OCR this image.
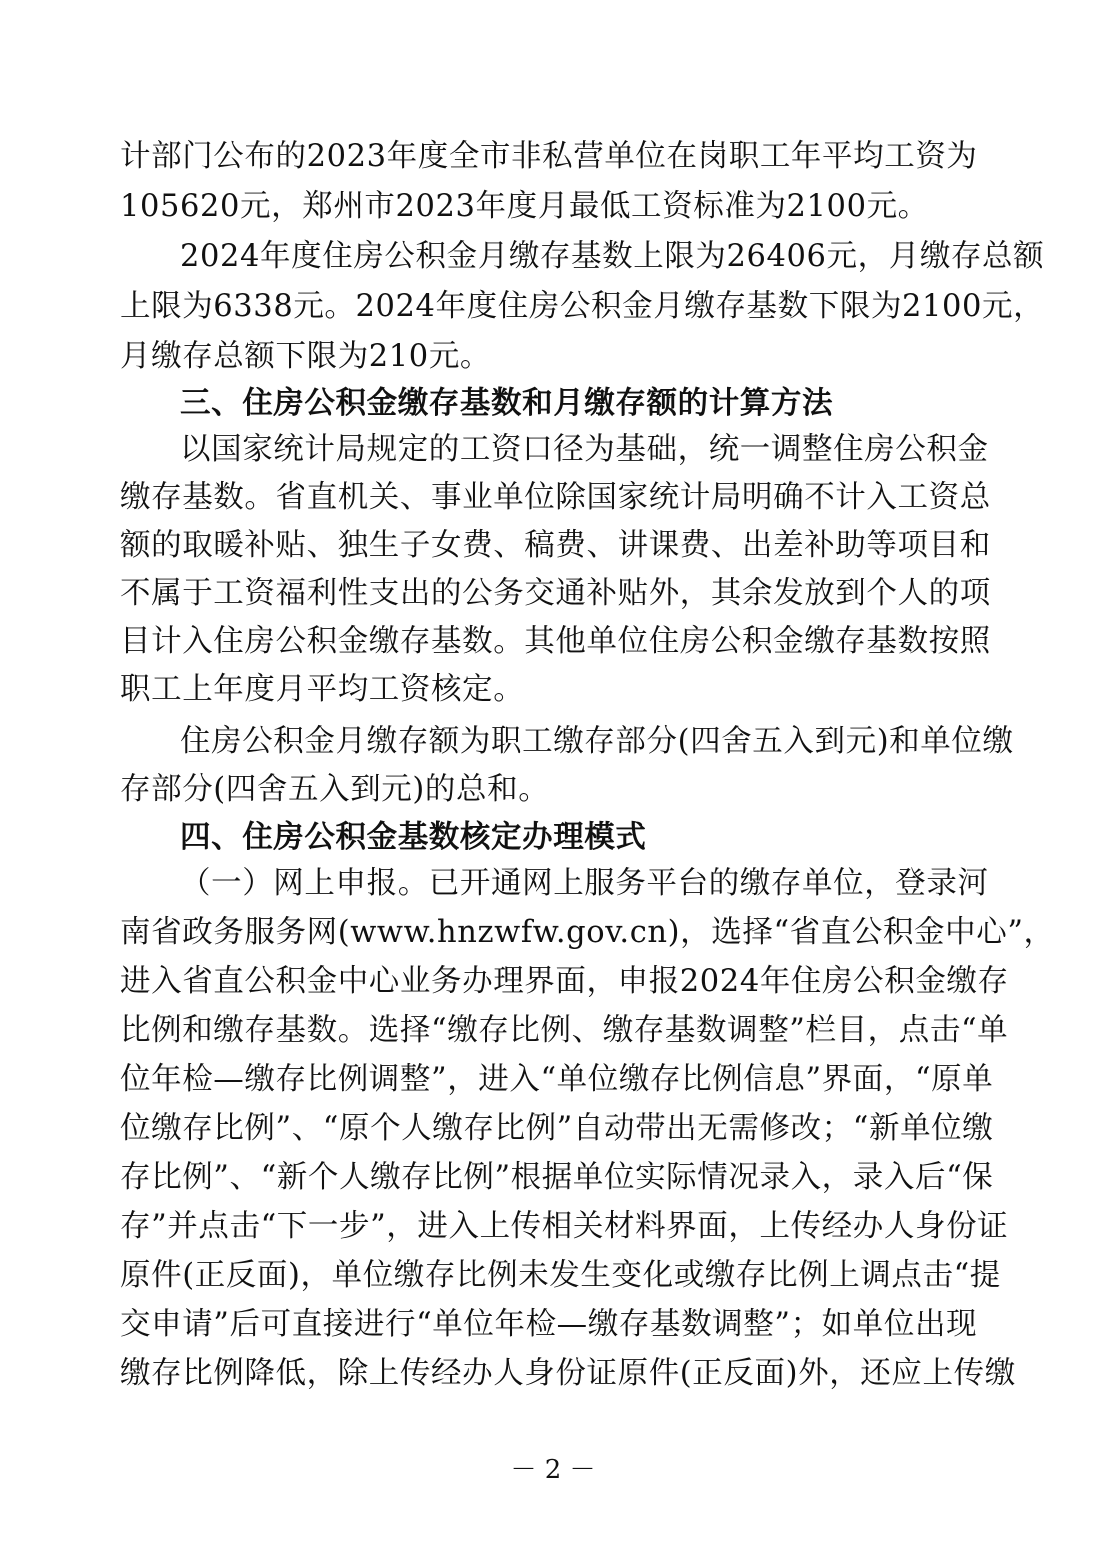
计部门公布的2023年度全市非私营单位在岗职工年平均工资为
105620元，郑州市2023年度月最低工资标准为2100元。
2024年度住房公积金月缴存基数上限为26406元，月缴存总额
上限为6338元。2024年度住房公积金月缴存基数下限为2100元，
月缴存总额下限为210元。
三、住房公积金缴存基数和月缴存额的计算方法
以国家统计局规定的工资口径为基础，统一调整住房公积金
缴存基数。省直机关、事业单位除国家统计局明确不计入工资总
额的取暖补贴、独生子女费、稿费、讲课费、出差补助等项目和
不属于工资福利性支出的公务交通补贴外，其余发放到个人的项
目计入住房公积金缴存基数。其他单位住房公积金缴存基数按照
职工上年度月平均工资核定。
住房公积金月缴存额为职工缴存部分(四舍五入到元)和单位缴
存部分(四舍五入到元)的总和。
四、住房公积金基数核定办理模式
（一）网上申报。已开通网上服务平台的缴存单位，登录河
南省政务服务网(www.hnzwfw.gov.cn)，选择“省直公积金中心”，
进入省直公积金中心业务办理界面，申报2024年住房公积金缴存
比例和缴存基数。选择“缴存比例、缴存基数调整”栏目，点击“单
位年检—缴存比例调整”，进入“单位缴存比例信息”界面，“原单
位缴存比例”、“原个人缴存比例”自动带出无需修改；“新单位缴
存比例”、“新个人缴存比例”根据单位实际情况录入，录入后“保
存”并点击“下一步”，进入上传相关材料界面，上传经办人身份证
原件(正反面)，单位缴存比例未发生变化或缴存比例上调点击“提
交申请”后可直接进行“单位年检—缴存基数调整”；如单位出现
缴存比例降低，除上传经办人身份证原件(正反面)外，还应上传缴
－ 2 －
